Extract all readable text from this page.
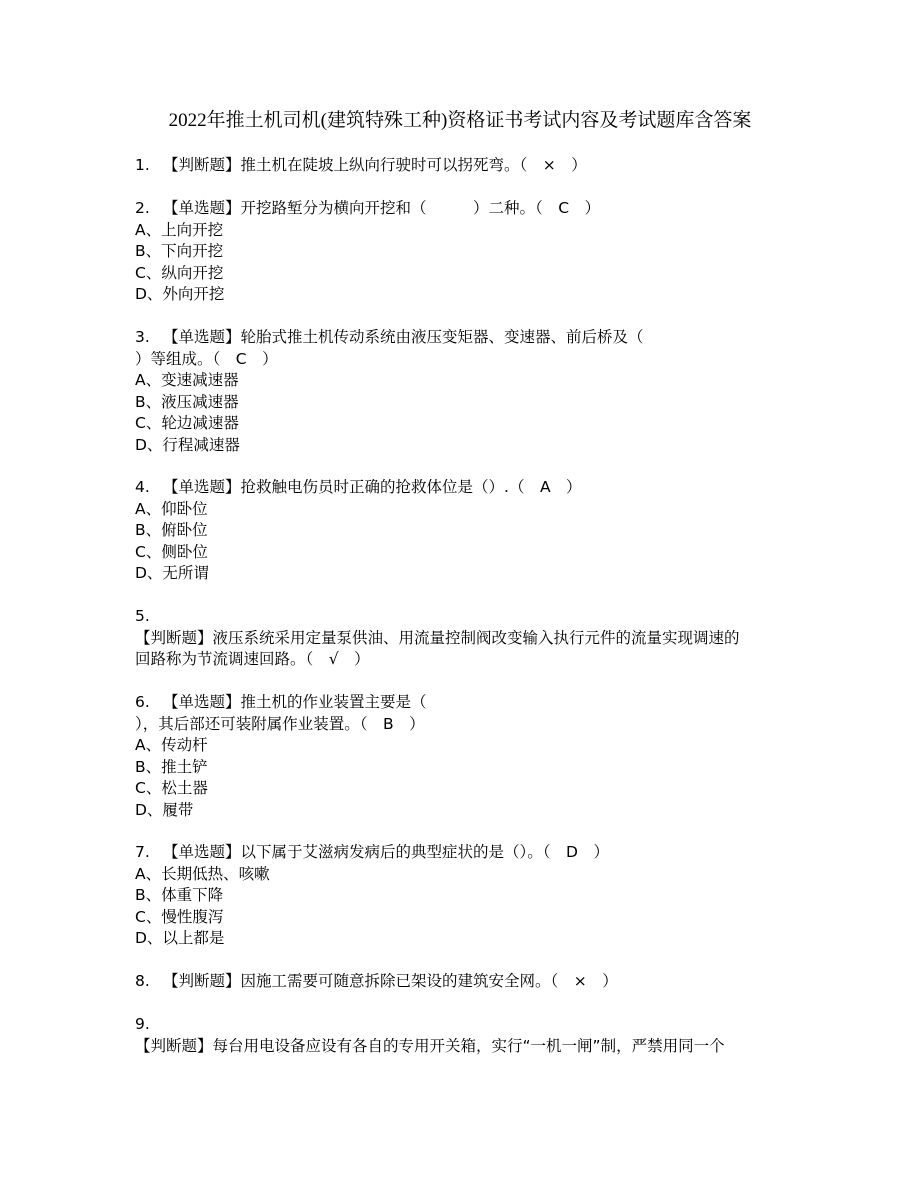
2022年推土机司机(建筑特殊工种)资格证书考试内容及考试题库含答案
1. 【判断题】推土机在陡坡上纵向行驶时可以拐死弯。（　×　）
2. 【单选题】开挖路堑分为横向开挖和（　　　）二种。（　C　）
A、上向开挖
B、下向开挖
C、纵向开挖
D、外向开挖
3. 【单选题】轮胎式推土机传动系统由液压变矩器、变速器、前后桥及（
）等组成。（　C　）
A、变速减速器
B、液压减速器
C、轮边减速器
D、行程减速器
4. 【单选题】抢救触电伤员时正确的抢救体位是（）.（　A　）
A、仰卧位
B、俯卧位
C、侧卧位
D、无所谓
5.
【判断题】液压系统采用定量泵供油、用流量控制阀改变输入执行元件的流量实现调速的
回路称为节流调速回路。（　√　）
6. 【单选题】推土机的作业装置主要是（
），其后部还可装附属作业装置。（　B　）
A、传动杆
B、推土铲
C、松土器
D、履带
7. 【单选题】以下属于艾滋病发病后的典型症状的是（）。（　D　）
A、长期低热、咳嗽
B、体重下降
C、慢性腹泻
D、以上都是
8. 【判断题】因施工需要可随意拆除已架设的建筑安全网。（　×　）
9.
【判断题】每台用电设备应设有各自的专用开关箱，实行“一机一闸”制，严禁用同一个
